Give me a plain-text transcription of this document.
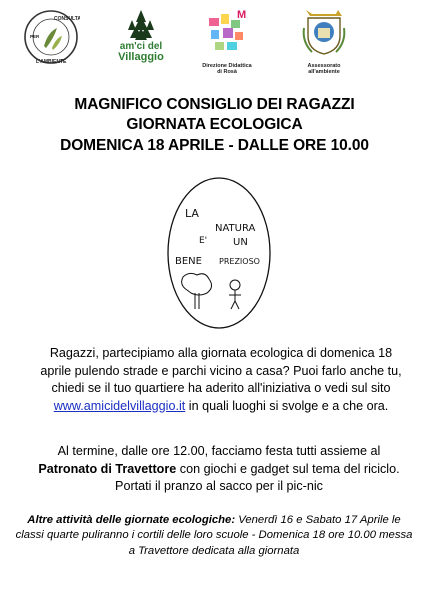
CONSULTA
PER
L'AMBIENTE
am'ci del
Villaggio
M
Direzione Didattica
di Rosà
Assessorato
all'ambiente
MAGNIFICO CONSIGLIO DEI RAGAZZI
GIORNATA ECOLOGICA
DOMENICA 18 APRILE - DALLE ORE 10.00
LA
NATURA
E'	UN
BENE PREZIOSO
Ragazzi, partecipiamo alla giornata ecologica di domenica 18 aprile pulendo strade e parchi vicino a casa? Puoi farlo anche tu, chiedi se il tuo quartiere ha aderito all'iniziativa o vedi sul sito www.amicidelvillaggio.it in quali luoghi si svolge e a che ora.
Al termine, dalle ore 12.00, facciamo festa tutti assieme al Patronato di Travettore con giochi e gadget sul tema del riciclo. Portati il pranzo al sacco per il pic-nic
Altre attività delle giornate ecologiche: Venerdì 16 e Sabato 17 Aprile le classi quarte puliranno i cortili delle loro scuole - Domenica 18 ore 10.00 messa a Travettore dedicata alla giornata
